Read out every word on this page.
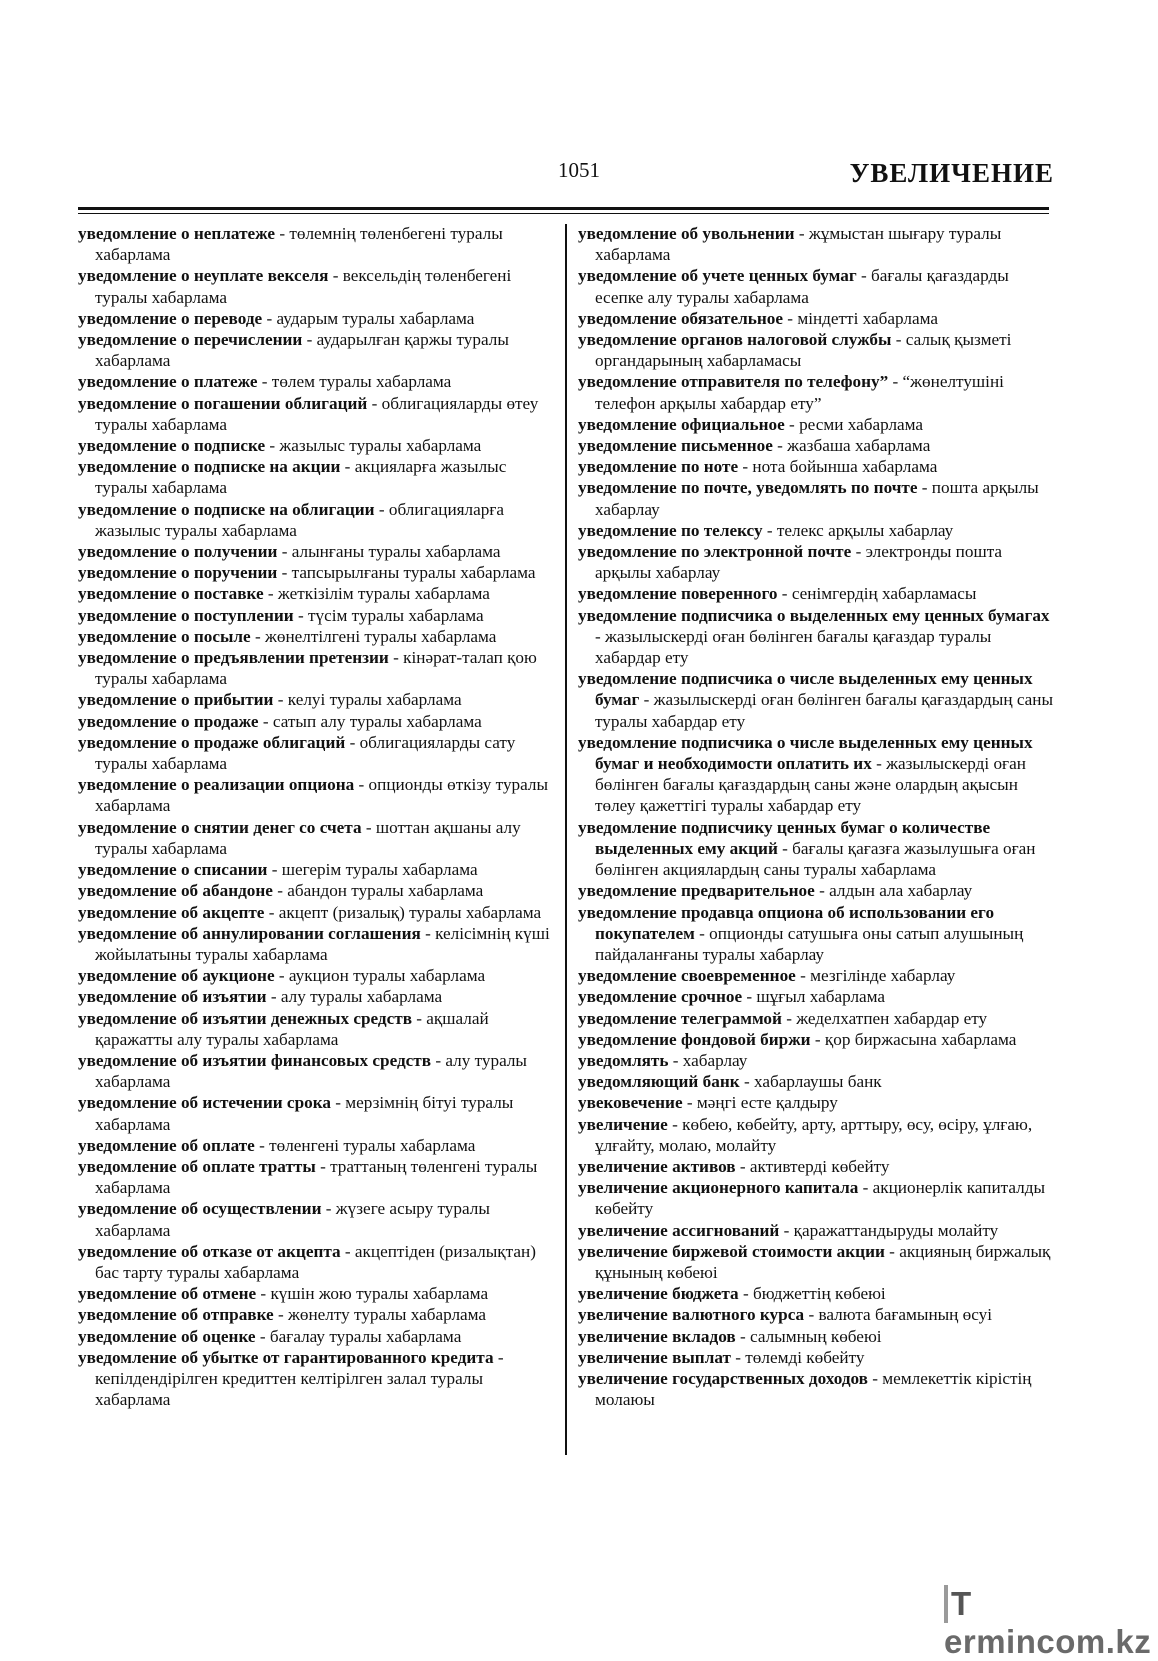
1051	УВЕЛИЧЕНИЕ

уведомление о неплатеже - төлемнің төленбегені туралы хабарлама

уведомление о неуплате векселя - вексельдің төленбегені туралы хабарлама

уведомление о переводе - аударым туралы хабарлама

уведомление о перечислении - аударылған қаржы туралы хабарлама

уведомление о платеже - төлем туралы хабарлама

уведомление о погашении облигаций - облигацияларды өтеу туралы хабарлама

уведомление о подписке - жазылыс туралы хабарлама

уведомление о подписке на акции - акцияларға жазылыс туралы хабарлама

уведомление о подписке на облигации - облигацияларға жазылыс туралы хабарлама

уведомление о получении - алынғаны туралы хабарлама

уведомление о поручении - тапсырылғаны туралы хабарлама

уведомление о поставке - жеткізілім туралы хабарлама

уведомление о поступлении - түсім туралы хабарлама

уведомление о посыле - жөнелтілгені туралы хабарлама

уведомление о предъявлении претензии - кінәрат-талап қою туралы хабарлама

уведомление о прибытии - келуі туралы хабарлама

уведомление о продаже - сатып алу туралы хабарлама

уведомление о продаже облигаций - облигацияларды сату туралы хабарлама

уведомление о реализации опциона - опционды өткізу туралы хабарлама

уведомление о снятии денег со счета - шоттан ақшаны алу туралы хабарлама

уведомление о списании - шегерім туралы хабарлама

уведомление об абандоне - абандон туралы хабарлама

уведомление об акцепте - акцепт (ризалық) туралы хабарлама

уведомление об аннулировании соглашения - келісімнің күші жойылатыны туралы хабарлама

уведомление об аукционе - аукцион туралы хабарлама

уведомление об изъятии - алу туралы хабарлама

уведомление об изъятии денежных средств - ақшалай қаражатты алу туралы хабарлама

уведомление об изъятии финансовых средств - алу туралы хабарлама

уведомление об истечении срока - мерзімнің бітуі туралы хабарлама

уведомление об оплате - төленгені туралы хабарлама

уведомление об оплате тратты - траттаның төленгені туралы хабарлама

уведомление об осуществлении - жүзеге асыру туралы хабарлама

уведомление об отказе от акцепта - акцептіден (ризалықтан) бас тарту туралы хабарлама

уведомление об отмене - күшін жою туралы хабарлама

уведомление об отправке - жөнелту туралы хабарлама

уведомление об оценке - бағалау туралы хабарлама

уведомление об убытке от гарантированного кредита - кепілдендірілген кредиттен келтірілген залал туралы хабарлама

уведомление об увольнении - жұмыстан шығару туралы хабарлама

уведомление об учете ценных бумаг - бағалы қағаздарды есепке алу туралы хабарлама

уведомление обязательное - міндетті хабарлама

уведомление органов налоговой службы - салық қызметі органдарының хабарламасы

уведомление отправителя по телефону” - “жөнелтушіні телефон арқылы хабардар ету”

уведомление официальное - ресми хабарлама

уведомление письменное - жазбаша хабарлама

уведомление по ноте - нота бойынша хабарлама

уведомление по почте, уведомлять по почте - пошта арқылы хабарлау

уведомление по телексу - телекс арқылы хабарлау

уведомление по электронной почте - электронды пошта арқылы хабарлау

уведомление поверенного - сенімгердің хабарламасы

уведомление подписчика о выделенных ему ценных бумагах - жазылыскерді оған бөлінген бағалы қағаздар туралы хабардар ету

уведомление подписчика о числе выделенных ему ценных бумаг - жазылыскерді оған бөлінген бағалы қағаздардың саны туралы хабардар ету

уведомление подписчика о числе выделенных ему ценных бумаг и необходимости оплатить их - жазылыскерді оған бөлінген бағалы қағаздардың саны және олардың ақысын төлеу қажеттігі туралы хабардар ету

уведомление подписчику ценных бумаг о количестве выделенных ему акций - бағалы қағазға жазылушыға оған бөлінген акциялардың саны туралы хабарлама

уведомление предварительное - алдын ала хабарлау

уведомление продавца опциона об использовании его покупателем - опционды сатушыға оны сатып алушының пайдаланғаны туралы хабарлау

уведомление своевременное - мезгілінде хабарлау

уведомление срочное - шұғыл хабарлама

уведомление телеграммой - жеделхатпен хабардар ету

уведомление фондовой биржи - қор биржасына хабарлама

уведомлять - хабарлау

уведомляющий банк - хабарлаушы банк

увековечение - мәңгі есте қалдыру

увеличение - көбею, көбейту, арту, арттыру, өсу, өсіру, ұлғаю, ұлғайту, молаю, молайту

увеличение активов - активтерді көбейту

увеличение акционерного капитала - акционерлік капиталды көбейту

увеличение ассигнований - қаражаттандыруды молайту

увеличение биржевой стоимости акции - акцияның биржалық құнының көбеюі

увеличение бюджета - бюджеттің көбеюі

увеличение валютного курса - валюта бағамының өсуі

увеличение вкладов - салымның көбеюі

увеличение выплат - төлемді көбейту

увеличение государственных доходов - мемлекеттік кірістің молаюы

Termincom.kz
